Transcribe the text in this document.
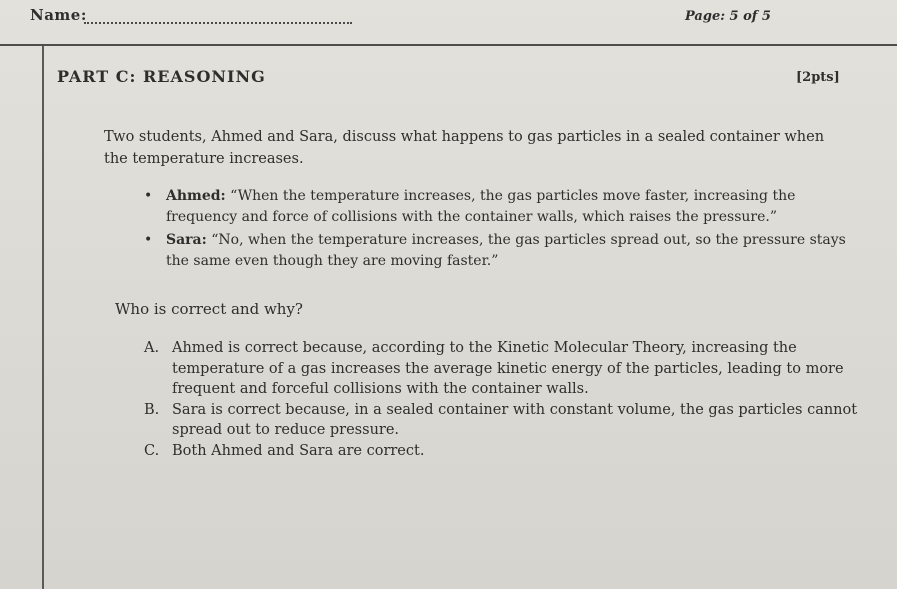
Name:	Page: 5 of 5
PART C: REASONING	[2pts]
Two students, Ahmed and Sara, discuss what happens to gas particles in a sealed container when the temperature increases.
• Ahmed: “When the temperature increases, the gas particles move faster, increasing the frequency and force of collisions with the container walls, which raises the pressure.”
• Sara: “No, when the temperature increases, the gas particles spread out, so the pressure stays the same even though they are moving faster.”
Who is correct and why?
A. Ahmed is correct because, according to the Kinetic Molecular Theory, increasing the temperature of a gas increases the average kinetic energy of the particles, leading to more frequent and forceful collisions with the container walls.
B. Sara is correct because, in a sealed container with constant volume, the gas particles cannot spread out to reduce pressure.
C. Both Ahmed and Sara are correct.
